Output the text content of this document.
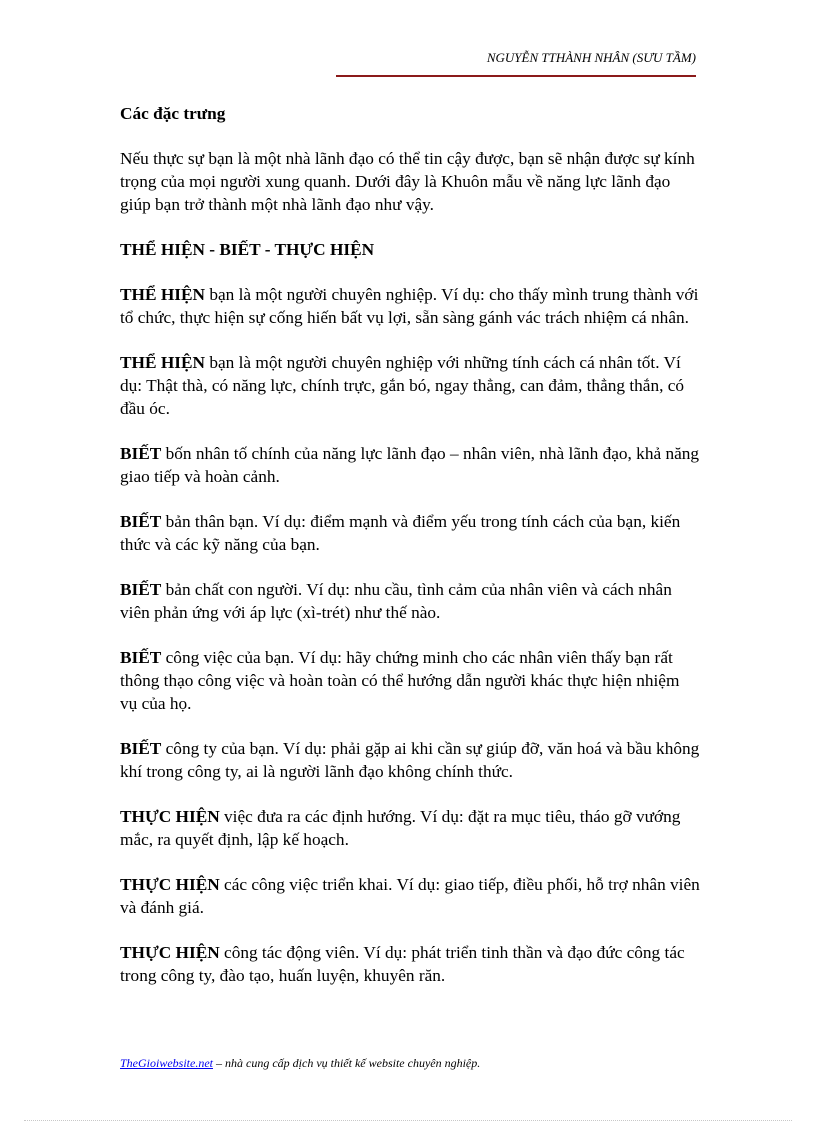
NGUYỄN TTHÀNH NHÂN (SƯU TẦM)

Các đặc trưng

Nếu thực sự bạn là một nhà lãnh đạo có thể tin cậy được, bạn sẽ nhận được sự kính trọng của mọi người xung quanh. Dưới đây là Khuôn mẫu về năng lực lãnh đạo giúp bạn trở thành một nhà lãnh đạo như vậy.

THỂ HIỆN - BIẾT - THỰC HIỆN

THỂ HIỆN bạn là một người chuyên nghiệp. Ví dụ: cho thấy mình trung thành với tổ chức, thực hiện sự cống hiến bất vụ lợi, sẵn sàng gánh vác trách nhiệm cá nhân.

THỂ HIỆN bạn là một người chuyên nghiệp với những tính cách cá nhân tốt. Ví dụ: Thật thà, có năng lực, chính trực, gắn bó, ngay thẳng, can đảm, thẳng thắn, có đầu óc.

BIẾT bốn nhân tố chính của năng lực lãnh đạo – nhân viên, nhà lãnh đạo, khả năng giao tiếp và hoàn cảnh.

BIẾT bản thân bạn. Ví dụ: điểm mạnh và điểm yếu trong tính cách của bạn, kiến thức và các kỹ năng của bạn.

BIẾT bản chất con người. Ví dụ: nhu cầu, tình cảm của nhân viên và cách nhân viên phản ứng với áp lực (xì-trét) như thế nào.

BIẾT công việc của bạn. Ví dụ: hãy chứng minh cho các nhân viên thấy bạn rất thông thạo công việc và hoàn toàn có thể hướng dẫn người khác thực hiện nhiệm vụ của họ.

BIẾT công ty của bạn. Ví dụ: phải gặp ai khi cần sự giúp đỡ, văn hoá và bầu không khí trong công ty, ai là người lãnh đạo không chính thức.

THỰC HIỆN việc đưa ra các định hướng. Ví dụ: đặt ra mục tiêu, tháo gỡ vướng mắc, ra quyết định, lập kế hoạch.

THỰC HIỆN các công việc triển khai. Ví dụ: giao tiếp, điều phối, hỗ trợ nhân viên và đánh giá.

THỰC HIỆN công tác động viên. Ví dụ: phát triển tinh thần và đạo đức công tác trong công ty, đào tạo, huấn luyện, khuyên răn.

TheGioiwebsite.net – nhà cung cấp dịch vụ thiết kế website chuyên nghiệp.
